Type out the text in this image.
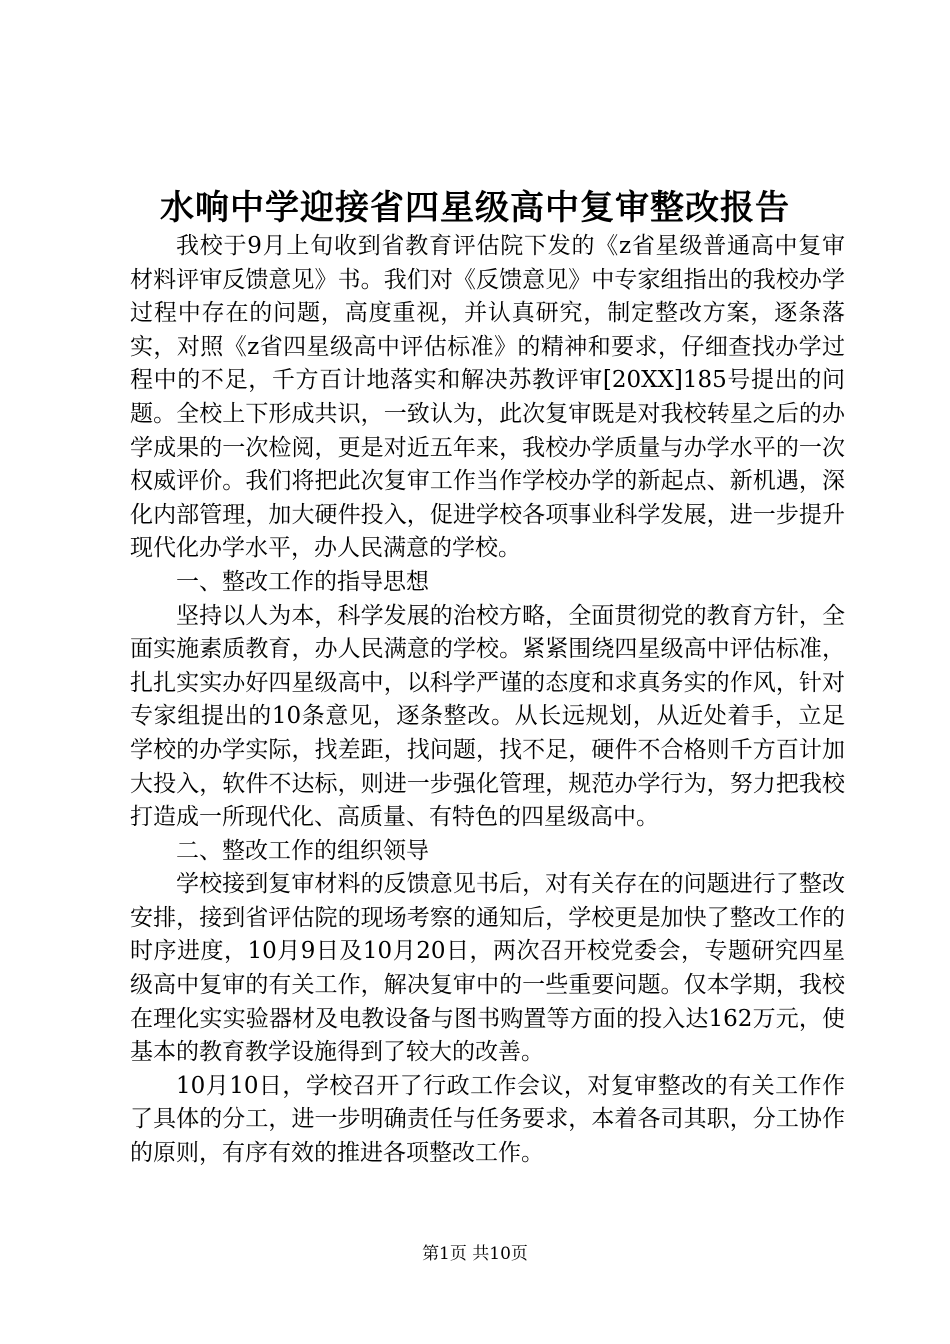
水响中学迎接省四星级高中复审整改报告

我校于9月上旬收到省教育评估院下发的《z省星级普通高中复审材料评审反馈意见》书。我们对《反馈意见》中专家组指出的我校办学过程中存在的问题，高度重视，并认真研究，制定整改方案，逐条落实，对照《z省四星级高中评估标准》的精神和要求，仔细查找办学过程中的不足，千方百计地落实和解决苏教评审[20XX]185号提出的问题。全校上下形成共识，一致认为，此次复审既是对我校转星之后的办学成果的一次检阅，更是对近五年来，我校办学质量与办学水平的一次权威评价。我们将把此次复审工作当作学校办学的新起点、新机遇，深化内部管理，加大硬件投入，促进学校各项事业科学发展，进一步提升现代化办学水平，办人民满意的学校。

一、整改工作的指导思想

坚持以人为本，科学发展的治校方略，全面贯彻党的教育方针，全面实施素质教育，办人民满意的学校。紧紧围绕四星级高中评估标准，扎扎实实办好四星级高中，以科学严谨的态度和求真务实的作风，针对专家组提出的10条意见，逐条整改。从长远规划，从近处着手，立足学校的办学实际，找差距，找问题，找不足，硬件不合格则千方百计加大投入，软件不达标，则进一步强化管理，规范办学行为，努力把我校打造成一所现代化、高质量、有特色的四星级高中。

二、整改工作的组织领导

学校接到复审材料的反馈意见书后，对有关存在的问题进行了整改安排，接到省评估院的现场考察的通知后，学校更是加快了整改工作的时序进度，10月9日及10月20日，两次召开校党委会，专题研究四星级高中复审的有关工作，解决复审中的一些重要问题。仅本学期，我校在理化实实验器材及电教设备与图书购置等方面的投入达162万元，使基本的教育教学设施得到了较大的改善。

10月10日，学校召开了行政工作会议，对复审整改的有关工作作了具体的分工，进一步明确责任与任务要求，本着各司其职，分工协作的原则，有序有效的推进各项整改工作。

第1页 共10页
